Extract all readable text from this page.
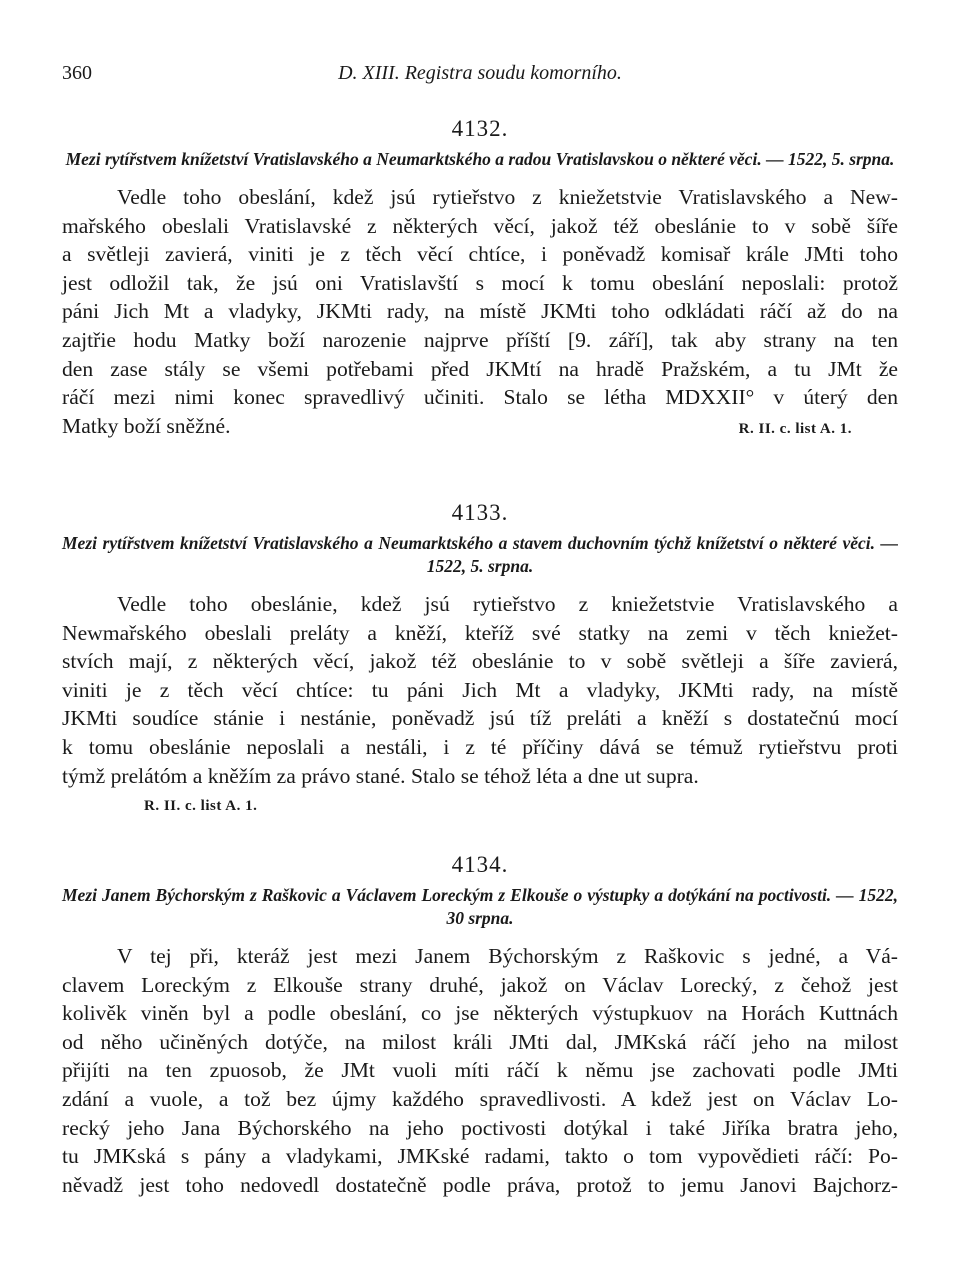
360	D. XIII. Registra soudu komorního.
4132.
Mezi rytířstvem knížetství Vratislavského a Neumarktského a radou Vratislavskou o některé věci. — 1522, 5. srpna.
Vedle toho obeslání, kdež jsú rytieřstvo z kniežetstvie Vratislavského a New-
mařského obeslali Vratislavské z některých věcí, jakož též obeslánie to v sobě šíře
a světleji zavierá, viniti je z těch věcí chtíce, i poněvadž komisař krále JMti toho
jest odložil tak, že jsú oni Vratislavští s mocí k tomu obeslání neposlali: protož
páni Jich Mt a vladyky, JKMti rady, na místě JKMti toho odkládati ráčí až do na
zajtřie hodu Matky boží narozenie najprve příští [9. září], tak aby strany na ten
den zase stály se všemi potřebami před JKMtí na hradě Pražském, a tu JMt že
ráčí mezi nimi konec spravedlivý učiniti. Stalo se létha MDXXII° v úterý den
Matky boží sněžné.	R. II. c. list A. 1.
4133.
Mezi rytířstvem knížetství Vratislavského a Neumarktského a stavem duchovním týchž knížetství o některé věci. — 1522, 5. srpna.
Vedle toho obeslánie, kdež jsú rytieřstvo z kniežetstvie Vratislavského a
Newmařského obeslali preláty a kněží, kteříž své statky na zemi v těch kniežet-
stvích mají, z některých věcí, jakož též obeslánie to v sobě světleji a šíře zavierá,
viniti je z těch věcí chtíce: tu páni Jich Mt a vladyky, JKMti rady, na místě
JKMti soudíce stánie i nestánie, poněvadž jsú tíž preláti a kněží s dostatečnú mocí
k tomu obeslánie neposlali a nestáli, i z té příčiny dává se témuž rytieřstvu proti
týmž prelátóm a kněžím za právo stané. Stalo se téhož léta a dne ut supra.
R. II. c. list A. 1.
4134.
Mezi Janem Býchorským z Raškovic a Václavem Loreckým z Elkouše o výstupky a dotýkání na poctivosti. — 1522, 30 srpna.
V tej při, kteráž jest mezi Janem Býchorským z Raškovic s jedné, a Vá-
clavem Loreckým z Elkouše strany druhé, jakož on Václav Lorecký, z čehož jest
kolivěk viněn byl a podle obeslání, co jse některých výstupkuov na Horách Kuttnách
od něho učiněných dotýče, na milost králi JMti dal, JMKská ráčí jeho na milost
přijíti na ten zpuosob, že JMt vuoli míti ráčí k němu jse zachovati podle JMti
zdání a vuole, a tož bez újmy každého spravedlivosti. A kdež jest on Václav Lo-
recký jeho Jana Býchorského na jeho poctivosti dotýkal i také Jiříka bratra jeho,
tu JMKská s pány a vladykami, JMKské radami, takto o tom vypovědieti ráčí: Po-
něvadž jest toho nedovedl dostatečně podle práva, protož to jemu Janovi Bajchorz-
